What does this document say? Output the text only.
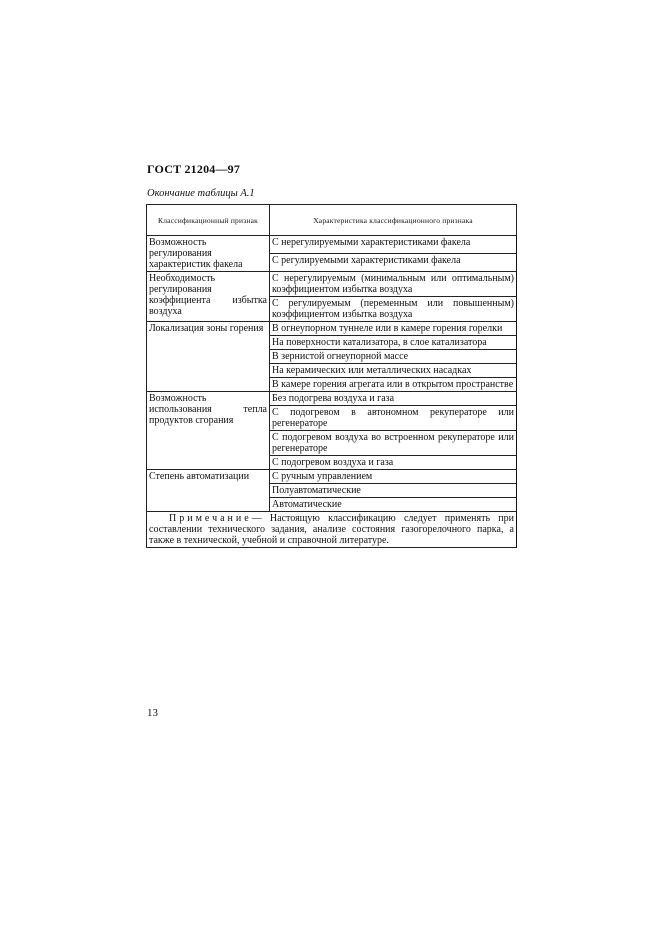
ГОСТ 21204—97
Окончание таблицы А.1
Классификационный признак	Характеристика классификационного признака
Возможность регулирования характеристик факела	С нерегулируемыми характеристиками факела
	С регулируемыми характеристиками факела
Необходимость регулирования коэффициента избытка воздуха	С нерегулируемым (минимальным или оптимальным) коэффициентом избытка воздуха
	С регулируемым (переменным или повышенным) коэффициентом избытка воздуха
Локализация зоны горения	В огнеупорном туннеле или в камере горения горелки
	На поверхности катализатора, в слое катализатора
	В зернистой огнеупорной массе
	На керамических или металлических насадках
	В камере горения агрегата или в открытом пространстве
Возможность использования тепла продуктов сгорания	Без подогрева воздуха и газа
	С подогревом в автономном рекуператоре или регенераторе
	С подогревом воздуха во встроенном рекуператоре или регенераторе
	С подогревом воздуха и газа
Степень автоматизации	С ручным управлением
	Полуавтоматические
	Автоматические
Примечание— Настоящую классификацию следует применять при составлении технического задания, анализе состояния газогорелочного парка, а также в технической, учебной и справочной литературе.	
13
